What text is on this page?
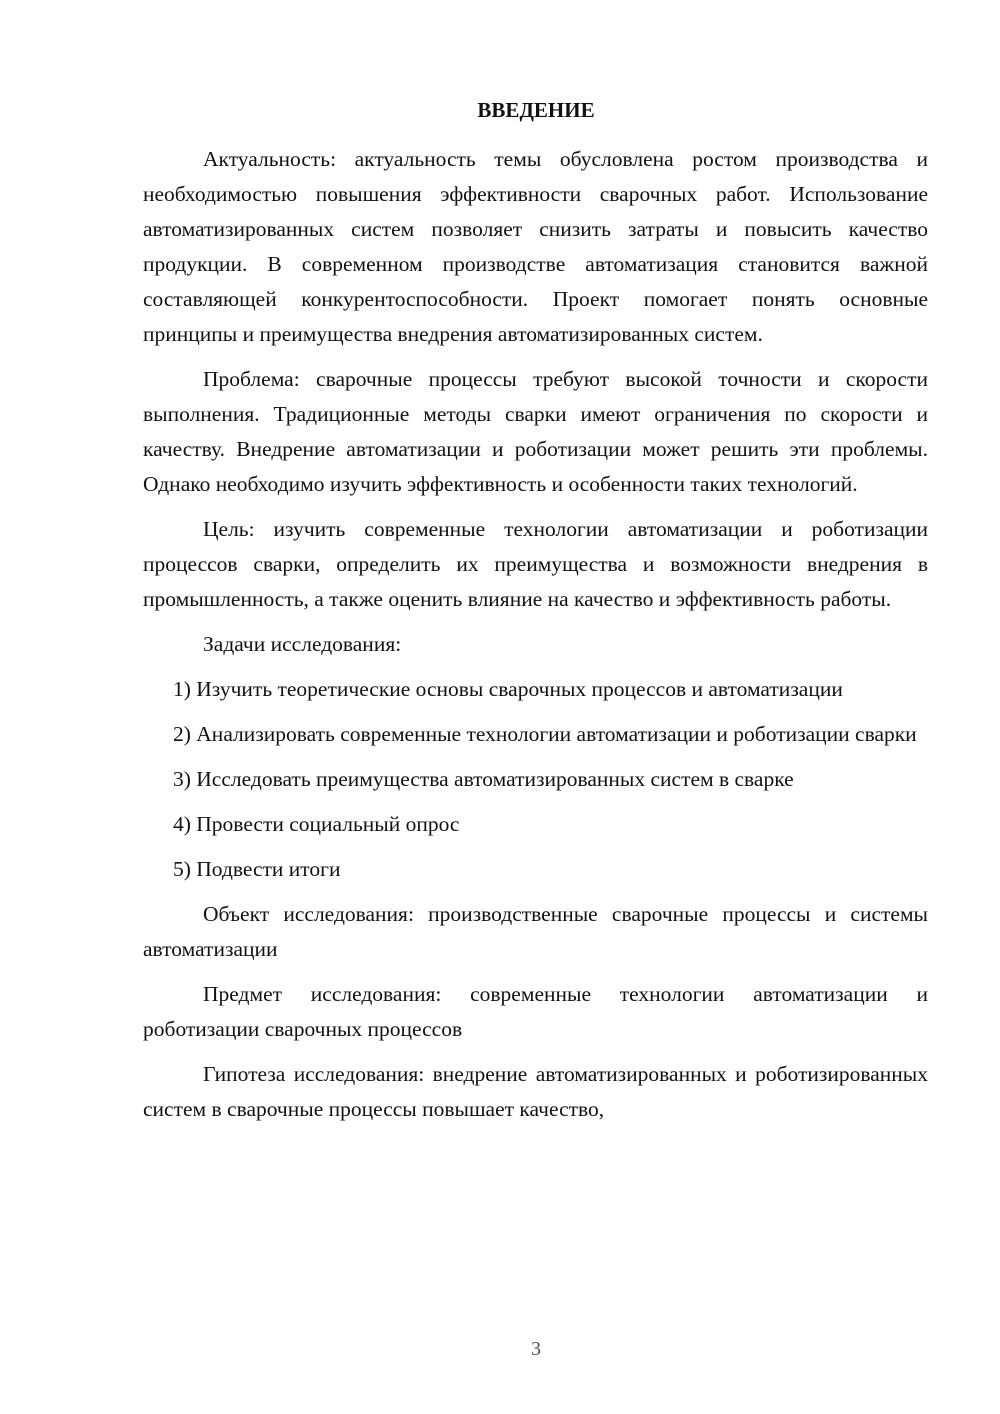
ВВЕДЕНИЕ

Актуальность: актуальность темы обусловлена ростом производства и необходимостью повышения эффективности сварочных работ. Использование автоматизированных систем позволяет снизить затраты и повысить качество продукции. В современном производстве автоматизация становится важной составляющей конкурентоспособности. Проект помогает понять основные принципы и преимущества внедрения автоматизированных систем.

Проблема: сварочные процессы требуют высокой точности и скорости выполнения. Традиционные методы сварки имеют ограничения по скорости и качеству. Внедрение автоматизации и роботизации может решить эти проблемы. Однако необходимо изучить эффективность и особенности таких технологий.

Цель: изучить современные технологии автоматизации и роботизации процессов сварки, определить их преимущества и возможности внедрения в промышленность, а также оценить влияние на качество и эффективность работы.

Задачи исследования:

1) Изучить теоретические основы сварочных процессов и автоматизации

2) Анализировать современные технологии автоматизации и роботизации сварки

3) Исследовать преимущества автоматизированных систем в сварке

4) Провести социальный опрос

5) Подвести итоги

Объект исследования: производственные сварочные процессы и системы автоматизации

Предмет исследования: современные технологии автоматизации и роботизации сварочных процессов

Гипотеза исследования: внедрение автоматизированных и роботизированных систем в сварочные процессы повышает качество,

3
